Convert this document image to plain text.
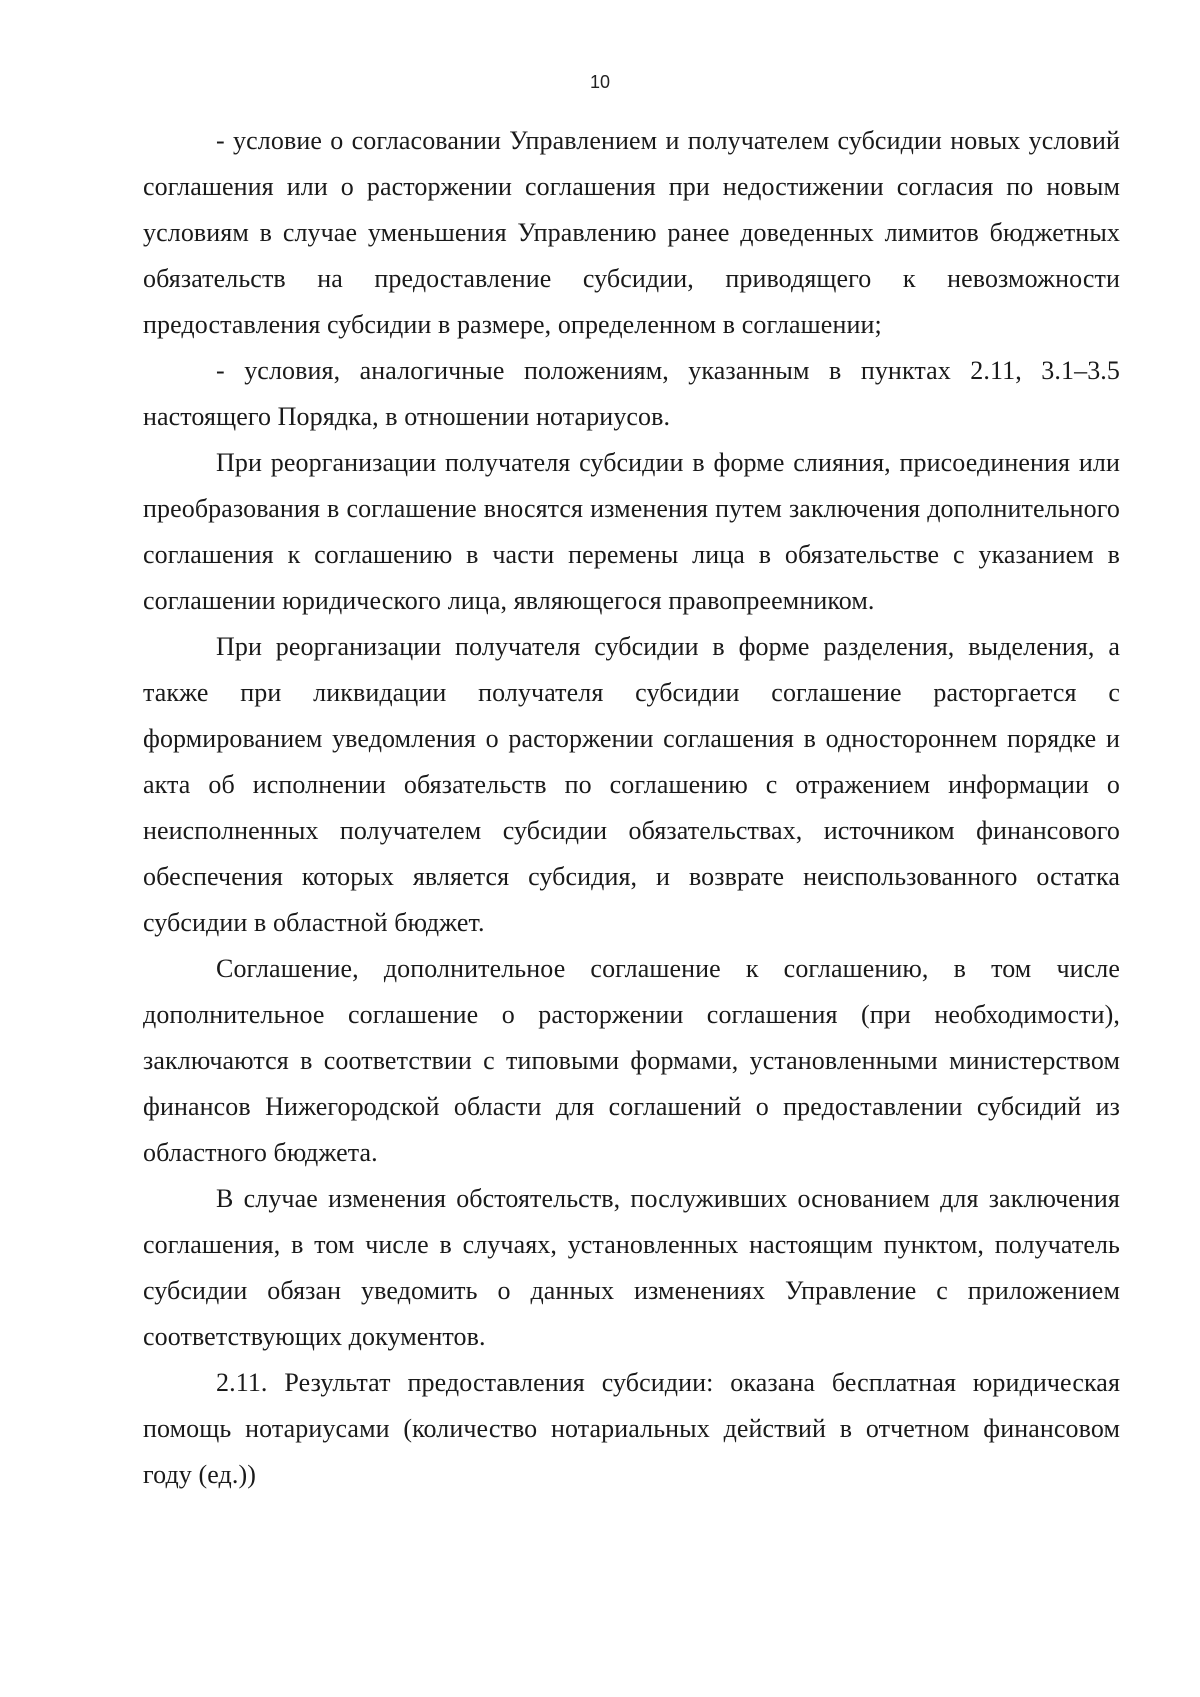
10

- условие о согласовании Управлением и получателем субсидии новых условий соглашения или о расторжении соглашения при недостижении согласия по новым условиям в случае уменьшения Управлению ранее доведенных лимитов бюджетных обязательств на предоставление субсидии, приводящего к невозможности предоставления субсидии в размере, определенном в соглашении;

- условия, аналогичные положениям, указанным в пунктах 2.11, 3.1–3.5 настоящего Порядка, в отношении нотариусов.

При реорганизации получателя субсидии в форме слияния, присоединения или преобразования в соглашение вносятся изменения путем заключения дополнительного соглашения к соглашению в части перемены лица в обязательстве с указанием в соглашении юридического лица, являющегося правопреемником.

При реорганизации получателя субсидии в форме разделения, выделения, а также при ликвидации получателя субсидии соглашение расторгается с формированием уведомления о расторжении соглашения в одностороннем порядке и акта об исполнении обязательств по соглашению с отражением информации о неисполненных получателем субсидии обязательствах, источником финансового обеспечения которых является субсидия, и возврате неиспользованного остатка субсидии в областной бюджет.

Соглашение, дополнительное соглашение к соглашению, в том числе дополнительное соглашение о расторжении соглашения (при необходимости), заключаются в соответствии с типовыми формами, установленными министерством финансов Нижегородской области для соглашений о предоставлении субсидий из областного бюджета.

В случае изменения обстоятельств, послуживших основанием для заключения соглашения, в том числе в случаях, установленных настоящим пунктом, получатель субсидии обязан уведомить о данных изменениях Управление с приложением соответствующих документов.

2.11. Результат предоставления субсидии: оказана бесплатная юридическая помощь нотариусами (количество нотариальных действий в отчетном финансовом году (ед.))
